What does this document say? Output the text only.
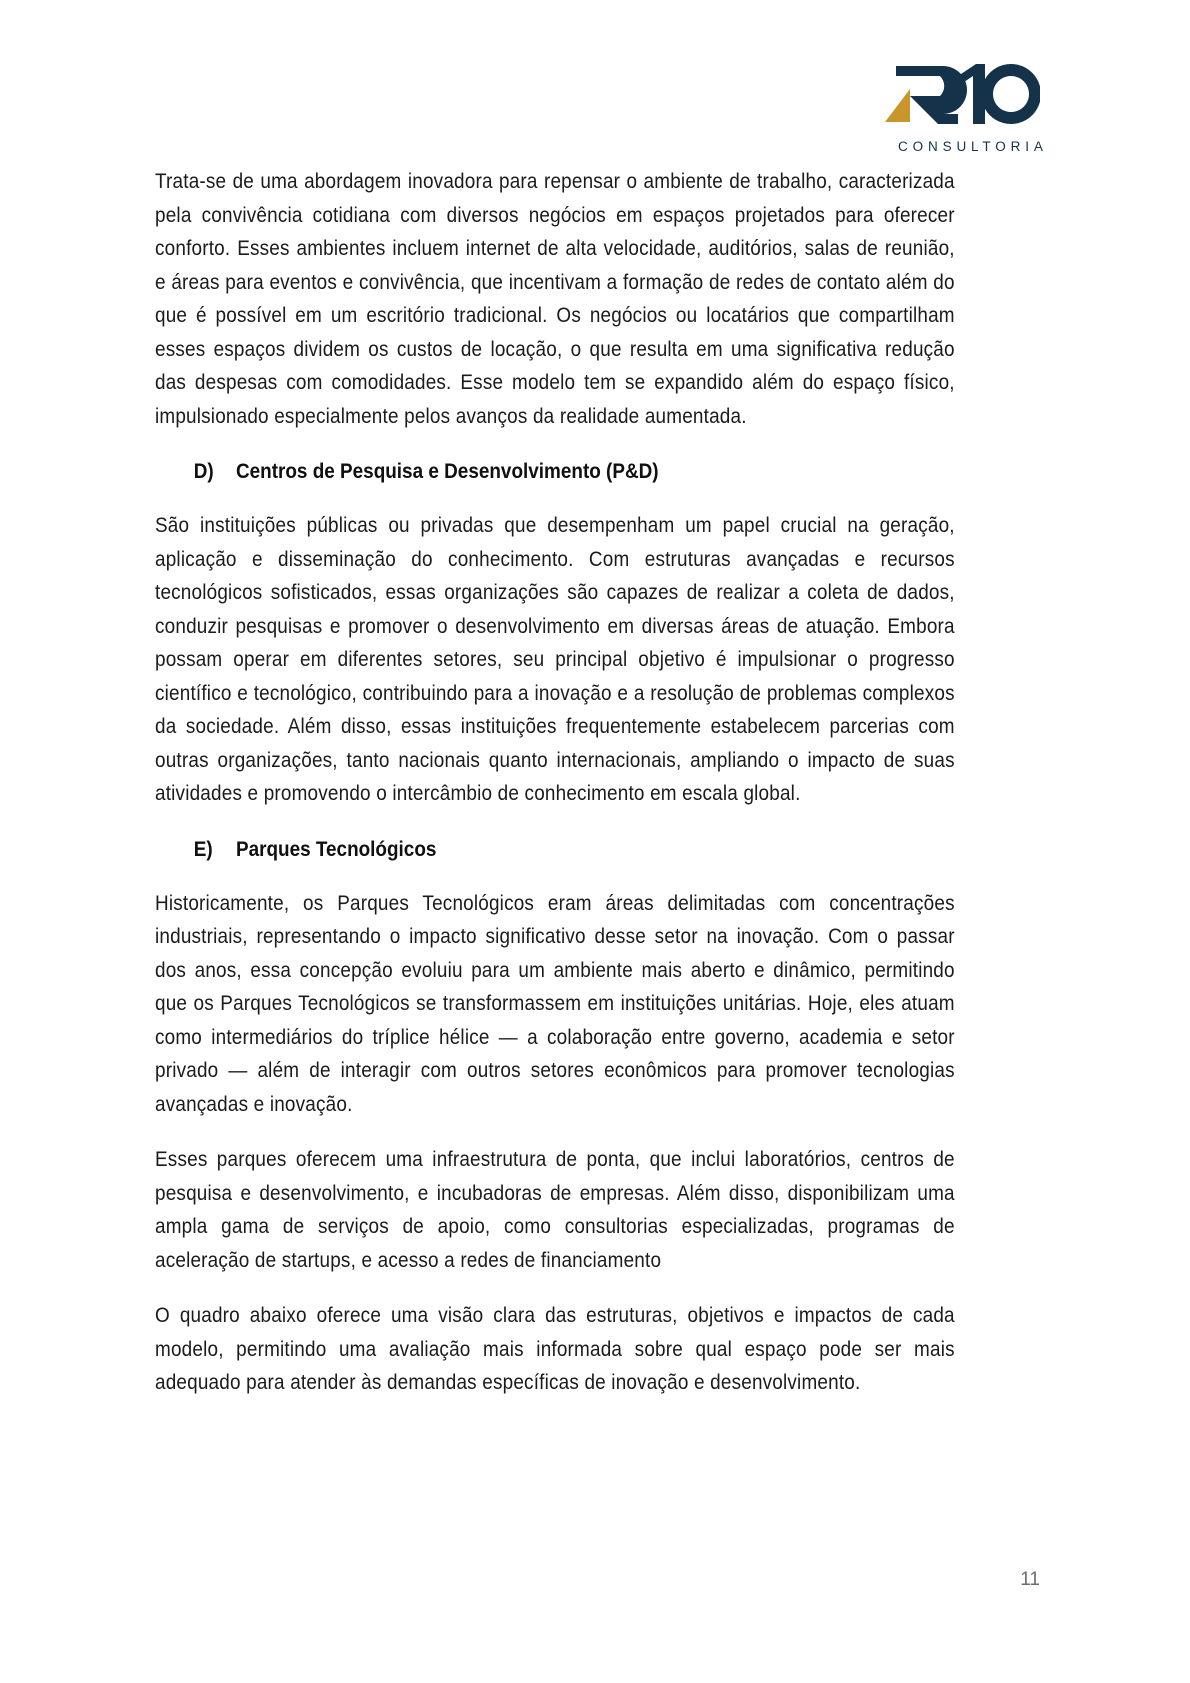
CONSULTORIA

Trata-se de uma abordagem inovadora para repensar o ambiente de trabalho, caracterizada pela convivência cotidiana com diversos negócios em espaços projetados para oferecer conforto. Esses ambientes incluem internet de alta velocidade, auditórios, salas de reunião, e áreas para eventos e convivência, que incentivam a formação de redes de contato além do que é possível em um escritório tradicional. Os negócios ou locatários que compartilham esses espaços dividem os custos de locação, o que resulta em uma significativa redução das despesas com comodidades. Esse modelo tem se expandido além do espaço físico, impulsionado especialmente pelos avanços da realidade aumentada.

D) Centros de Pesquisa e Desenvolvimento (P&D)

São instituições públicas ou privadas que desempenham um papel crucial na geração, aplicação e disseminação do conhecimento. Com estruturas avançadas e recursos tecnológicos sofisticados, essas organizações são capazes de realizar a coleta de dados, conduzir pesquisas e promover o desenvolvimento em diversas áreas de atuação. Embora possam operar em diferentes setores, seu principal objetivo é impulsionar o progresso científico e tecnológico, contribuindo para a inovação e a resolução de problemas complexos da sociedade. Além disso, essas instituições frequentemente estabelecem parcerias com outras organizações, tanto nacionais quanto internacionais, ampliando o impacto de suas atividades e promovendo o intercâmbio de conhecimento em escala global.

E) Parques Tecnológicos

Historicamente, os Parques Tecnológicos eram áreas delimitadas com concentrações industriais, representando o impacto significativo desse setor na inovação. Com o passar dos anos, essa concepção evoluiu para um ambiente mais aberto e dinâmico, permitindo que os Parques Tecnológicos se transformassem em instituições unitárias. Hoje, eles atuam como intermediários do tríplice hélice — a colaboração entre governo, academia e setor privado — além de interagir com outros setores econômicos para promover tecnologias avançadas e inovação.

Esses parques oferecem uma infraestrutura de ponta, que inclui laboratórios, centros de pesquisa e desenvolvimento, e incubadoras de empresas. Além disso, disponibilizam uma ampla gama de serviços de apoio, como consultorias especializadas, programas de aceleração de startups, e acesso a redes de financiamento

O quadro abaixo oferece uma visão clara das estruturas, objetivos e impactos de cada modelo, permitindo uma avaliação mais informada sobre qual espaço pode ser mais adequado para atender às demandas específicas de inovação e desenvolvimento.

11
